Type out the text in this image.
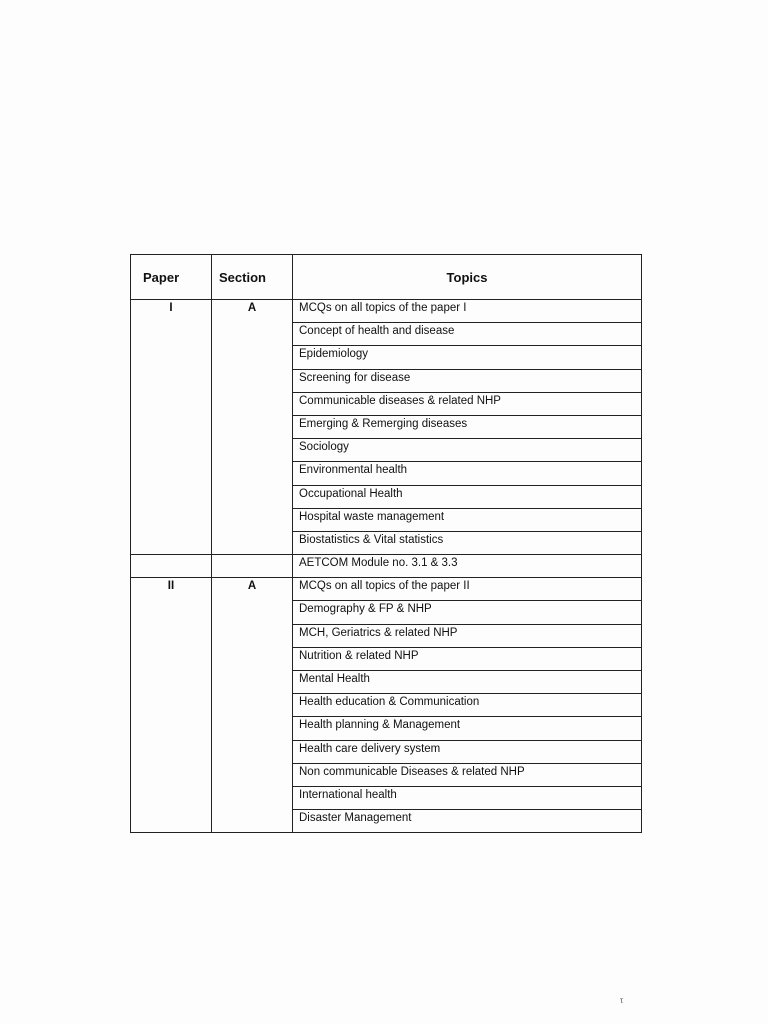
Paper	Section	Topics
I	A	MCQs on all topics of the paper I
		Concept of health and disease
		Epidemiology
		Screening for disease
		Communicable diseases & related NHP
		Emerging & Remerging diseases
		Sociology
		Environmental health
		Occupational Health
		Hospital waste management
		Biostatistics & Vital statistics
		AETCOM Module no. 3.1 & 3.3
II	A	MCQs on all topics of the paper II
		Demography & FP & NHP
		MCH, Geriatrics & related NHP
		Nutrition & related NHP
		Mental Health
		Health education & Communication
		Health planning & Management
		Health care delivery system
		Non communicable Diseases & related NHP
		International health
		Disaster Management
τ
